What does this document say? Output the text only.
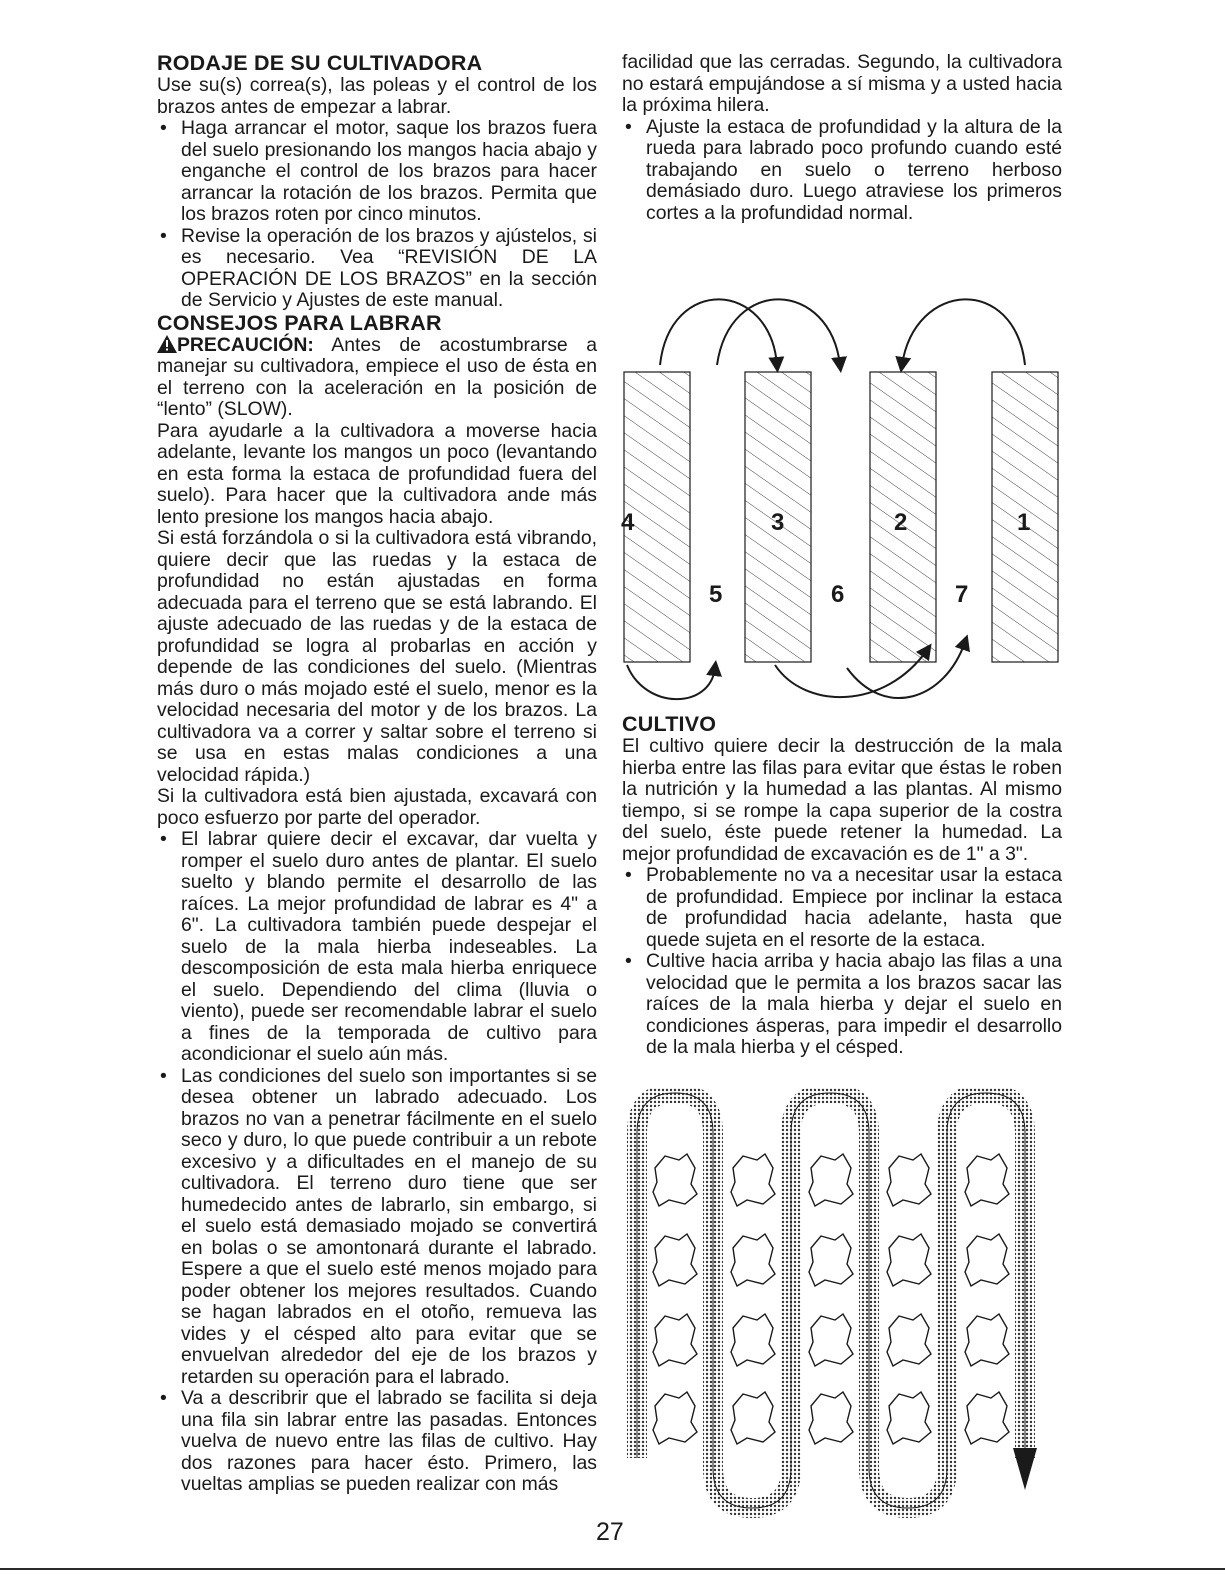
RODAJE DE SU CULTIVADORA

Use su(s) correa(s), las poleas y el control de los brazos antes de empezar a labrar.

• Haga arrancar el motor, saque los brazos fuera del suelo presionando los mangos hacia abajo y enganche el control de los brazos para hacer arrancar la rotación de los brazos. Permita que los brazos roten por cinco minutos.
• Revise la operación de los brazos y ajústelos, si es necesario. Vea “REVISIÓN DE LA OPERACIÓN DE LOS BRAZOS” en la sección de Servicio y Ajustes de este manual.
CONSEJOS PARA LABRAR

PRECAUCIÓN: Antes de acostumbrarse a manejar su cultivadora, empiece el uso de ésta en el terreno con la aceleración en la posición de “lento” (SLOW).

Para ayudarle a la cultivadora a moverse hacia adelante, levante los mangos un poco (levantando en esta forma la estaca de profundidad fuera del suelo). Para hacer que la cultivadora ande más lento presione los mangos hacia abajo.

Si está forzándola o si la cultivadora está vibrando, quiere decir que las ruedas y la estaca de profundidad no están ajustadas en forma adecuada para el terreno que se está labrando. El ajuste adecuado de las ruedas y de la estaca de profundidad se logra al probarlas en acción y depende de las condiciones del suelo. (Mientras más duro o más mojado esté el suelo, menor es la velocidad necesaria del motor y de los brazos. La cultivadora va a correr y saltar sobre el terreno si se usa en estas malas condiciones a una velocidad rápida.)

Si la cultivadora está bien ajustada, excavará con poco esfuerzo por parte del operador.

• El labrar quiere decir el excavar, dar vuelta y romper el suelo duro antes de plantar. El suelo suelto y blando permite el desarrollo de las raíces. La mejor profundidad de labrar es 4" a 6". La cultivadora también puede despejar el suelo de la mala hierba indeseables. La descomposición de esta mala hierba enriquece el suelo. Dependiendo del clima (lluvia o viento), puede ser recomendable labrar el suelo a fines de la temporada de cultivo para acondicionar el suelo aún más.
• Las condiciones del suelo son importantes si se desea obtener un labrado adecuado. Los brazos no van a penetrar fácilmente en el suelo seco y duro, lo que puede contribuir a un rebote excesivo y a dificultades en el manejo de su cultivadora. El terreno duro tiene que ser humedecido antes de labrarlo, sin embargo, si el suelo está demasiado mojado se convertirá en bolas o se amontonará durante el labrado. Espere a que el suelo esté menos mojado para poder obtener los mejores resultados. Cuando se hagan labrados en el otoño, remueva las vides y el césped alto para evitar que se envuelvan alrededor del eje de los brazos y retarden su operación para el labrado.
• Va a describrir que el labrado se facilita si deja una fila sin labrar entre las pasadas. Entonces vuelva de nuevo entre las filas de cultivo. Hay dos razones para hacer ésto. Primero, las vueltas amplias se pueden realizar con más
27

facilidad que las cerradas. Segundo, la cultivadora no estará empujándose a sí misma y a usted hacia la próxima hilera.

• Ajuste la estaca de profundidad y la altura de la rueda para labrado poco profundo cuando esté trabajando en suelo o terreno herboso demásiado duro. Luego atraviese los primeros cortes a la profundidad normal.
4	3	2	1
5	6	7
CULTIVO

El cultivo quiere decir la destrucción de la mala hierba entre las filas para evitar que éstas le roben la nutrición y la humedad a las plantas. Al mismo tiempo, si se rompe la capa superior de la costra del suelo, éste puede retener la humedad. La mejor profundidad de excavación es de 1" a 3".

• Probablemente no va a necesitar usar la estaca de profundidad. Empiece por inclinar la estaca de profundidad hacia adelante, hasta que quede sujeta en el resorte de la estaca.
• Cultive hacia arriba y hacia abajo las filas a una velocidad que le permita a los brazos sacar las raíces de la mala hierba y dejar el suelo en condiciones ásperas, para impedir el desarrollo de la mala hierba y el césped.
